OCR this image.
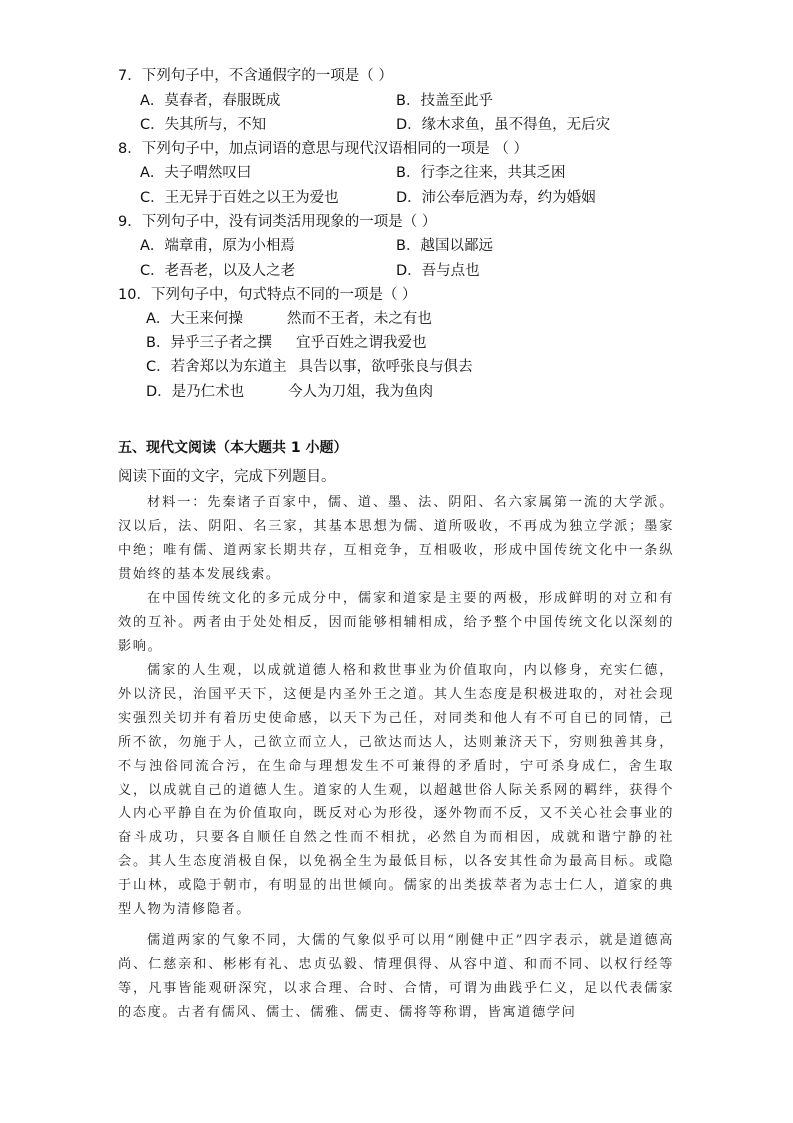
7．下列句子中，不含通假字的一项是（ ）
A．莫春者，春服既成	B．技盖至此乎
C．失其所与，不知	D．缘木求鱼，虽不得鱼，无后灾
8．下列句子中，加点词语的意思与现代汉语相同的一项是 （ ）
A．夫子喟然叹曰	B．行李之往来，共其乏困
C．王无异于百姓之以王为爱也	D．沛公奉卮酒为寿，约为婚姻
9．下列句子中，没有词类活用现象的一项是（ ）
A．端章甫，原为小相焉	B．越国以鄙远
C．老吾老，以及人之老	D．吾与点也
10．下列句子中，句式特点不同的一项是（ ）
A．大王来何操	然而不王者，未之有也
B．异乎三子者之撰 宜乎百姓之谓我爱也
C．若舍郑以为东道主 具告以事，欲呼张良与俱去
D．是乃仁术也	今人为刀俎，我为鱼肉
五、现代文阅读（本大题共 1 小题）
阅读下面的文字，完成下列题目。

材料一：先秦诸子百家中，儒、道、墨、法、阴阳、名六家属第一流的大学派。汉以后，法、阴阳、名三家，其基本思想为儒、道所吸收，不再成为独立学派；墨家中绝；唯有儒、道两家长期共存，互相竞争，互相吸收，形成中国传统文化中一条纵贯始终的基本发展线索。

在中国传统文化的多元成分中，儒家和道家是主要的两极，形成鲜明的对立和有效的互补。两者由于处处相反，因而能够相辅相成，给予整个中国传统文化以深刻的影响。

儒家的人生观，以成就道德人格和救世事业为价值取向，内以修身，充实仁德，外以济民，治国平天下，这便是内圣外王之道。其人生态度是积极进取的，对社会现实强烈关切并有着历史使命感，以天下为己任，对同类和他人有不可自已的同情，己所不欲，勿施于人，己欲立而立人，己欲达而达人，达则兼济天下，穷则独善其身，不与浊俗同流合污，在生命与理想发生不可兼得的矛盾时，宁可杀身成仁，舍生取义，以成就自己的道德人生。道家的人生观，以超越世俗人际关系网的羁绊，获得个人内心平静自在为价值取向，既反对心为形役，逐外物而不反，又不关心社会事业的奋斗成功，只要各自顺任自然之性而不相扰，必然自为而相因，成就和谐宁静的社会。其人生态度消极自保，以免祸全生为最低目标，以各安其性命为最高目标。或隐于山林，或隐于朝市，有明显的出世倾向。儒家的出类拔萃者为志士仁人，道家的典型人物为清修隐者。

儒道两家的气象不同，大儒的气象似乎可以用“刚健中正”四字表示，就是道德高尚、仁慈亲和、彬彬有礼、忠贞弘毅、情理俱得、从容中道、和而不同、以权行经等等，凡事皆能观研深究，以求合理、合时、合情，可谓为曲践乎仁义，足以代表儒家的态度。古者有儒风、儒士、儒雅、儒吏、儒将等称谓，皆寓道德学问
